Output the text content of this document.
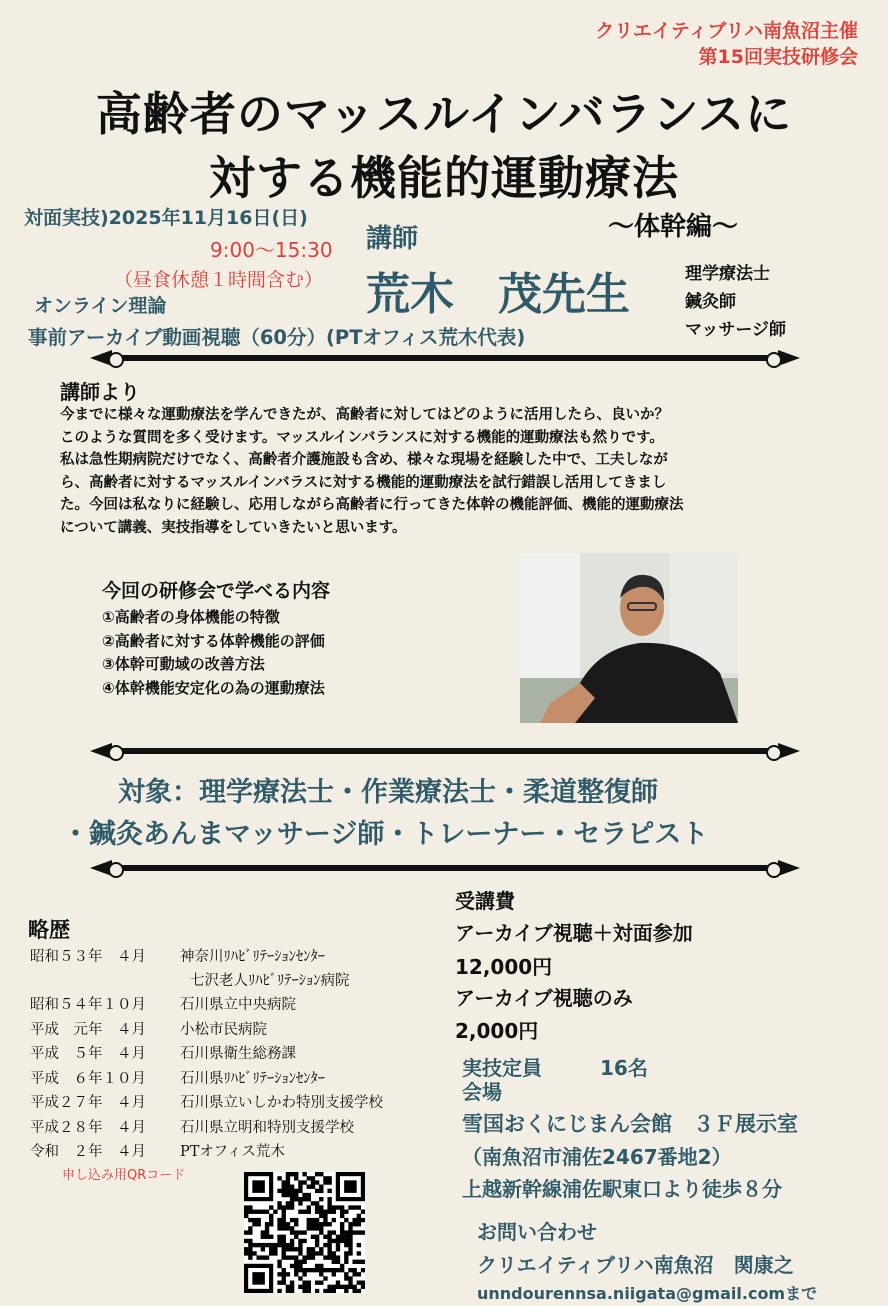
クリエイティブリハ南魚沼主催
第15回実技研修会
高齢者のマッスルインバランスに
対する機能的運動療法
〜体幹編〜
対面実技)2025年11月16日(日)
9:00〜15:30
（昼食休憩１時間含む）
オンライン理論
事前アーカイブ動画視聴（60分）(PTオフィス荒木代表)
講師
荒木　茂先生	理学療法士
鍼灸師
マッサージ師
講師より
今までに様々な運動療法を学んできたが、高齢者に対してはどのように活用したら、良いか？
このような質問を多く受けます。マッスルインバランスに対する機能的運動療法も然りです。
私は急性期病院だけでなく、高齢者介護施設も含め、様々な現場を経験した中で、工夫しなが
ら、高齢者に対するマッスルインバラスに対する機能的運動療法を試行錯誤し活用してきまし
た。今回は私なりに経験し、応用しながら高齢者に行ってきた体幹の機能評価、機能的運動療法
について講義、実技指導をしていきたいと思います。
今回の研修会で学べる内容
①高齢者の身体機能の特徴
②高齢者に対する体幹機能の評価
③体幹可動域の改善方法
④体幹機能安定化の為の運動療法
対象：理学療法士・作業療法士・柔道整復師
・鍼灸あんまマッサージ師・トレーナー・セラピスト
略歴
昭和５３年　４月 神奈川ﾘﾊﾋﾞﾘﾃｰｼｮﾝｾﾝﾀｰ
七沢老人ﾘﾊﾋﾞﾘﾃｰｼｮﾝ病院
昭和５４年１０月 石川県立中央病院
平成　元年　４月 小松市民病院
平成　５年　４月 石川県衛生総務課
平成　６年１０月 石川県ﾘﾊﾋﾞﾘﾃｰｼｮﾝｾﾝﾀｰ
平成２７年　４月 石川県立いしかわ特別支援学校
平成２８年　４月 石川県立明和特別支援学校
令和　２年　４月 PTオフィス荒木
申し込み用QRコード
受講費
アーカイブ視聴＋対面参加
12,000円
アーカイブ視聴のみ
2,000円
実技定員	16名
会場
雪国おくにじまん会館　３Ｆ展示室
（南魚沼市浦佐2467番地2）
上越新幹線浦佐駅東口より徒歩８分
お問い合わせ
クリエイティブリハ南魚沼　関康之
unndourennsa.niigata@gmail.comまで
